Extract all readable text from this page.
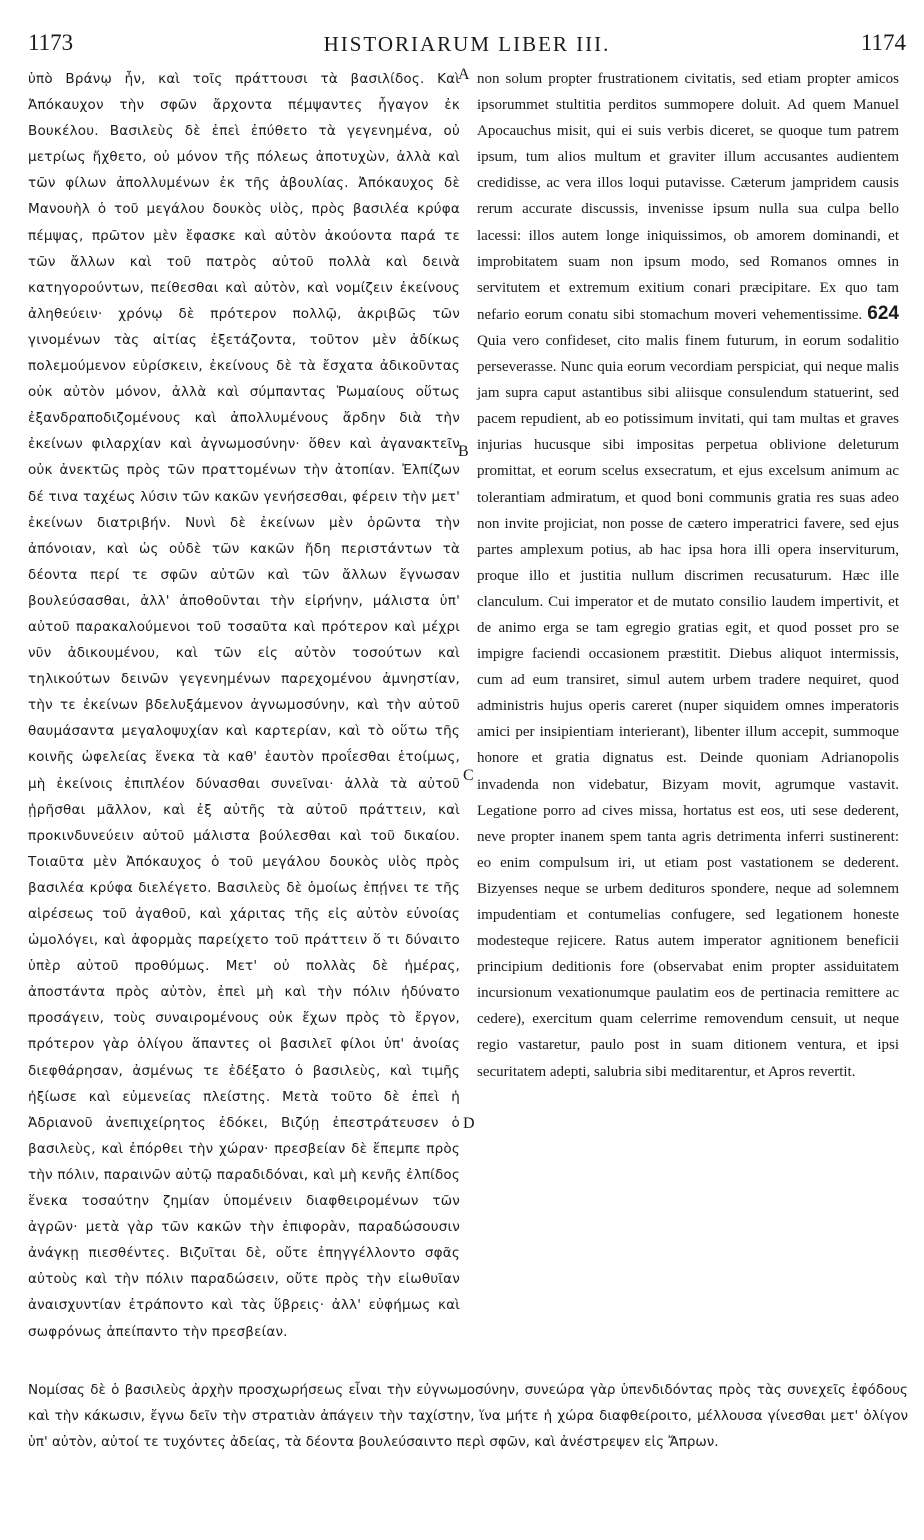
1173	HISTORIARUM LIBER III.	1174

ὑπὸ Βράνῳ ἦν, καὶ τοῖς πράττουσι τὰ βασιλίδος. Καὶ Ἀπόκαυχον τὴν σφῶν ἄρχοντα πέμψαντες ἦγαγον ἐκ Βουκέλου. Βασιλεὺς δὲ ἐπεὶ ἐπύθετο τὰ γεγενημένα, οὐ μετρίως ἤχθετο, οὐ μόνον τῆς πόλεως ἀποτυχὼν, ἀλλὰ καὶ τῶν φίλων ἀπολλυμένων ἐκ τῆς ἀβουλίας. Ἀπόκαυχος δὲ Μανουὴλ ὁ τοῦ μεγάλου δουκὸς υἱὸς, πρὸς βασιλέα κρύφα πέμψας, πρῶτον μὲν ἔφασκε καὶ αὐτὸν ἀκούοντα παρά τε τῶν ἄλλων καὶ τοῦ πατρὸς αὐτοῦ πολλὰ καὶ δεινὰ κατηγορούντων, πείθεσθαι καὶ αὐτὸν, καὶ νομίζειν ἐκείνους ἀληθεύειν· χρόνῳ δὲ πρότερον πολλῷ, ἀκριβῶς τῶν γινομένων τὰς αἰτίας ἐξετάζοντα, τοῦτον μὲν ἀδίκως πολεμούμενον εὑρίσκειν, ἐκείνους δὲ τὰ ἔσχατα ἀδικοῦντας οὐκ αὐτὸν μόνον, ἀλλὰ καὶ σύμπαντας Ῥωμαίους οὕτως ἐξανδραποδιζομένους καὶ ἀπολλυμένους ἄρδην διὰ τὴν ἐκείνων φιλαρχίαν καὶ ἀγνωμοσύνην· ὅθεν καὶ ἀγανακτεῖν οὐκ ἀνεκτῶς πρὸς τῶν πραττομένων τὴν ἀτοπίαν. Ἐλπίζων δέ τινα ταχέως λύσιν τῶν κακῶν γενήσεσθαι, φέρειν τὴν μετ' ἐκείνων διατριβήν. Νυνὶ δὲ ἐκείνων μὲν ὁρῶντα τὴν ἀπόνοιαν, καὶ ὡς οὐδὲ τῶν κακῶν ἤδη περιστάντων τὰ δέοντα περί τε σφῶν αὐτῶν καὶ τῶν ἄλλων ἔγνωσαν βουλεύσασθαι, ἀλλ' ἀποθοῦνται τὴν εἰρήνην, μάλιστα ὑπ' αὐτοῦ παρακαλούμενοι τοῦ τοσαῦτα καὶ πρότερον καὶ μέχρι νῦν ἀδικουμένου, καὶ τῶν εἰς αὐτὸν τοσούτων καὶ τηλικούτων δεινῶν γεγενημένων παρεχομένου ἀμνηστίαν, τὴν τε ἐκείνων βδελυξάμενον ἀγνωμοσύνην, καὶ τὴν αὐτοῦ θαυμάσαντα μεγαλοψυχίαν καὶ καρτερίαν, καὶ τὸ οὕτω τῆς κοινῆς ὠφελείας ἕνεκα τὰ καθ' ἑαυτὸν προΐεσθαι ἑτοίμως, μὴ ἐκείνοις ἐπιπλέον δύνασθαι συνεῖναι· ἀλλὰ τὰ αὐτοῦ ᾑρῆσθαι μᾶλλον, καὶ ἐξ αὐτῆς τὰ αὐτοῦ πράττειν, καὶ προκινδυνεύειν αὐτοῦ μάλιστα βούλεσθαι καὶ τοῦ δικαίου. Τοιαῦτα μὲν Ἀπόκαυχος ὁ τοῦ μεγάλου δουκὸς υἱὸς πρὸς βασιλέα κρύφα διελέγετο. Βασιλεὺς δὲ ὁμοίως ἐπῄνει τε τῆς αἱρέσεως τοῦ ἀγαθοῦ, καὶ χάριτας τῆς εἰς αὐτὸν εὐνοίας ὡμολόγει, καὶ ἀφορμὰς παρείχετο τοῦ πράττειν ὅ τι δύναιτο ὑπὲρ αὐτοῦ προθύμως. Μετ' οὐ πολλὰς δὲ ἡμέρας, ἀποστάντα πρὸς αὐτὸν, ἐπεὶ μὴ καὶ τὴν πόλιν ἠδύνατο προσάγειν, τοὺς συναιρομένους οὐκ ἔχων πρὸς τὸ ἔργον, πρότερον γὰρ ὀλίγου ἅπαντες οἱ βασιλεῖ φίλοι ὑπ' ἀνοίας διεφθάρησαν, ἀσμένως τε ἐδέξατο ὁ βασιλεὺς, καὶ τιμῆς ἠξίωσε καὶ εὐμενείας πλείστης. Μετὰ τοῦτο δὲ ἐπεὶ ἡ Ἀδριανοῦ ἀνεπιχείρητος ἐδόκει, Βιζύῃ ἐπεστράτευσεν ὁ βασιλεὺς, καὶ ἐπόρθει τὴν χώραν· πρεσβείαν δὲ ἔπεμπε πρὸς τὴν πόλιν, παραινῶν αὐτῷ παραδιδόναι, καὶ μὴ κενῆς ἐλπίδος ἕνεκα τοσαύτην ζημίαν ὑπομένειν διαφθειρομένων τῶν ἀγρῶν· μετὰ γὰρ τῶν κακῶν τὴν ἐπιφορὰν, παραδώσουσιν ἀνάγκῃ πιεσθέντες. Βιζυῖται δὲ, οὔτε ἐπηγγέλλοντο σφᾶς αὐτοὺς καὶ τὴν πόλιν παραδώσειν, οὔτε πρὸς τὴν εἰωθυῖαν ἀναισχυντίαν ἐτράποντο καὶ τὰς ὕβρεις· ἀλλ' εὐφήμως καὶ σωφρόνως ἀπείπαντο τὴν πρεσβείαν.

non solum propter frustrationem civitatis, sed etiam propter amicos ipsorummet stultitia perditos summopere doluit. Ad quem Manuel Apocauchus misit, qui ei suis verbis diceret, se quoque tum patrem ipsum, tum alios multum et graviter illum accusantes audientem credidisse, ac vera illos loqui putavisse. Cæterum jampridem causis rerum accurate discussis, invenisse ipsum nulla sua culpa bello lacessi: illos autem longe iniquissimos, ob amorem dominandi, et improbitatem suam non ipsum modo, sed Romanos omnes in servitutem et extremum exitium conari præcipitare. Ex quo tam nefario eorum conatu sibi stomachum moveri vehementissime. 624 Quia vero confideset, cito malis finem futurum, in eorum sodalitio perseverasse. Nunc quia eorum vecordiam perspiciat, qui neque malis jam supra caput astantibus sibi aliisque consulendum statuerint, sed pacem repudient, ab eo potissimum invitati, qui tam multas et graves injurias hucusque sibi impositas perpetua oblivione deleturum promittat, et eorum scelus exsecratum, et ejus excelsum animum ac tolerantiam admiratum, et quod boni communis gratia res suas adeo non invite projiciat, non posse de cætero imperatrici favere, sed ejus partes amplexum potius, ab hac ipsa hora illi opera inserviturum, proque illo et justitia nullum discrimen recusaturum. Hæc ille clanculum. Cui imperator et de mutato consilio laudem impertivit, et de animo erga se tam egregio gratias egit, et quod posset pro se impigre faciendi occasionem præstitit. Diebus aliquot intermissis, cum ad eum transiret, simul autem urbem tradere nequiret, quod administris hujus operis careret (nuper siquidem omnes imperatoris amici per insipientiam interierant), libenter illum accepit, summoque honore et gratia dignatus est. Deinde quoniam Adrianopolis invadenda non videbatur, Bizyam movit, agrumque vastavit. Legatione porro ad cives missa, hortatus est eos, uti sese dederent, neve propter inanem spem tanta agris detrimenta inferri sustinerent: eo enim compulsum iri, ut etiam post vastationem se dederent. Bizyenses neque se urbem dedituros spondere, neque ad solemnem impudentiam et contumelias confugere, sed legationem honeste modesteque rejicere. Ratus autem imperator agnitionem beneficii principium deditionis fore (observabat enim propter assiduitatem incursionum vexationumque paulatim eos de pertinacia remittere ac cedere), exercitum quam celerrime removendum censuit, ut neque regio vastaretur, paulo post in suam ditionem ventura, et ipsi securitatem adepti, salubria sibi meditarentur, et Apros revertit.

A
B
C
D

Νομίσας δὲ ὁ βασιλεὺς ἀρχὴν προσχωρήσεως εἶναι τὴν εὐγνωμοσύνην, συνεώρα γὰρ ὑπενδιδόντας πρὸς τὰς συνεχεῖς ἐφόδους καὶ τὴν κάκωσιν, ἔγνω δεῖν τὴν στρατιὰν ἀπάγειν τὴν ταχίστην, ἵνα μήτε ἡ χώρα διαφθείροιτο, μέλλουσα γίνεσθαι μετ' ὀλίγον ὑπ' αὐτὸν, αὐτοί τε τυχόντες ἀδείας, τὰ δέοντα βουλεύσαιντο περὶ σφῶν, καὶ ἀνέστρεψεν εἰς Ἄπρων.
